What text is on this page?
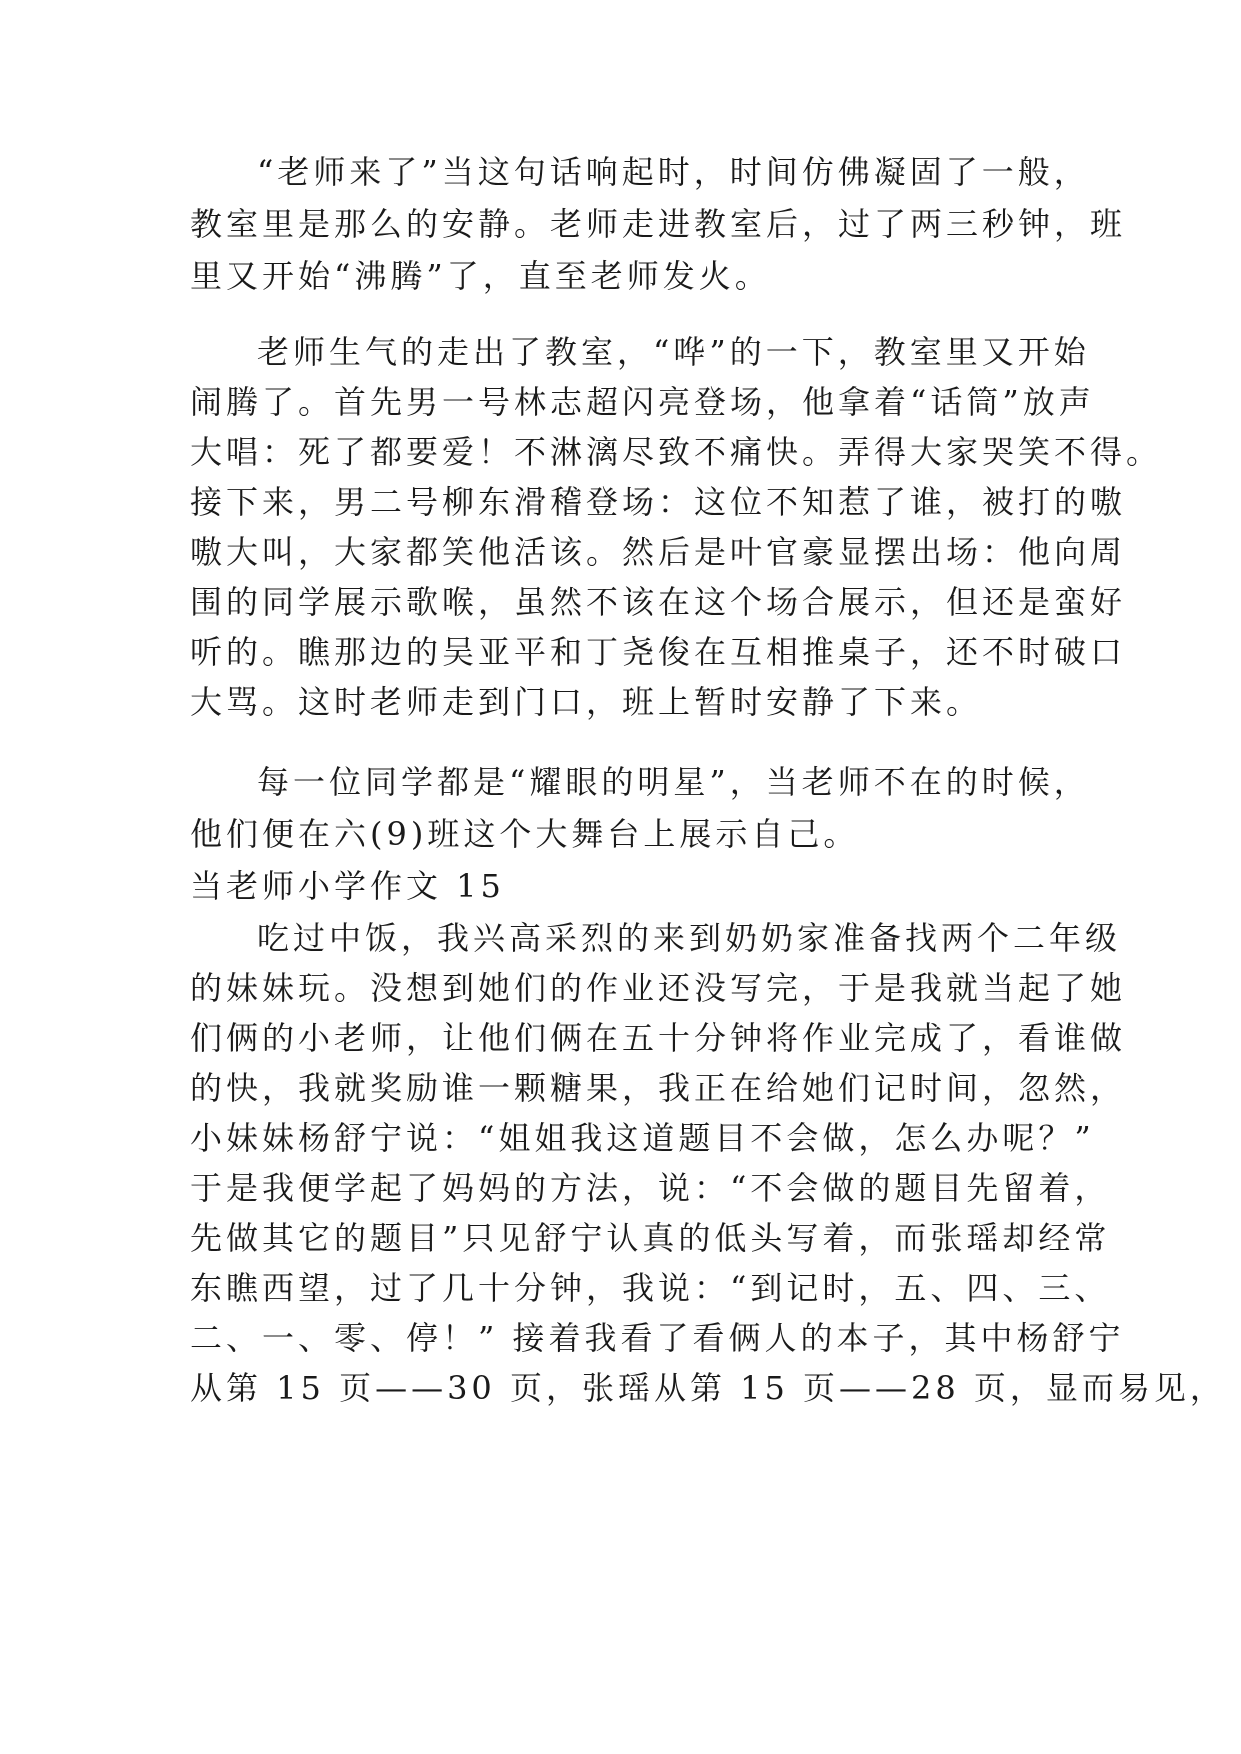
“老师来了”当这句话响起时，时间仿佛凝固了一般，
教室里是那么的安静。老师走进教室后，过了两三秒钟，班
里又开始“沸腾”了，直至老师发火。
老师生气的走出了教室，“哗”的一下，教室里又开始
闹腾了。首先男一号林志超闪亮登场，他拿着“话筒”放声
大唱：死了都要爱！不淋漓尽致不痛快。弄得大家哭笑不得。
接下来，男二号柳东滑稽登场：这位不知惹了谁，被打的嗷
嗷大叫，大家都笑他活该。然后是叶官豪显摆出场：他向周
围的同学展示歌喉，虽然不该在这个场合展示，但还是蛮好
听的。瞧那边的吴亚平和丁尧俊在互相推桌子，还不时破口
大骂。这时老师走到门口，班上暂时安静了下来。
每一位同学都是“耀眼的明星”，当老师不在的时候，
他们便在六(9)班这个大舞台上展示自己。
当老师小学作文 15
吃过中饭，我兴高采烈的来到奶奶家准备找两个二年级
的妹妹玩。没想到她们的作业还没写完，于是我就当起了她
们俩的小老师，让他们俩在五十分钟将作业完成了，看谁做
的快，我就奖励谁一颗糖果，我正在给她们记时间，忽然，
小妹妹杨舒宁说：“姐姐我这道题目不会做，怎么办呢？”
于是我便学起了妈妈的方法，说：“不会做的题目先留着，
先做其它的题目”只见舒宁认真的低头写着，而张瑶却经常
东瞧西望，过了几十分钟，我说：“到记时，五、四、三、
二、一、零、停！” 接着我看了看俩人的本子，其中杨舒宁
从第 15 页——30 页，张瑶从第 15 页——28 页，显而易见，
